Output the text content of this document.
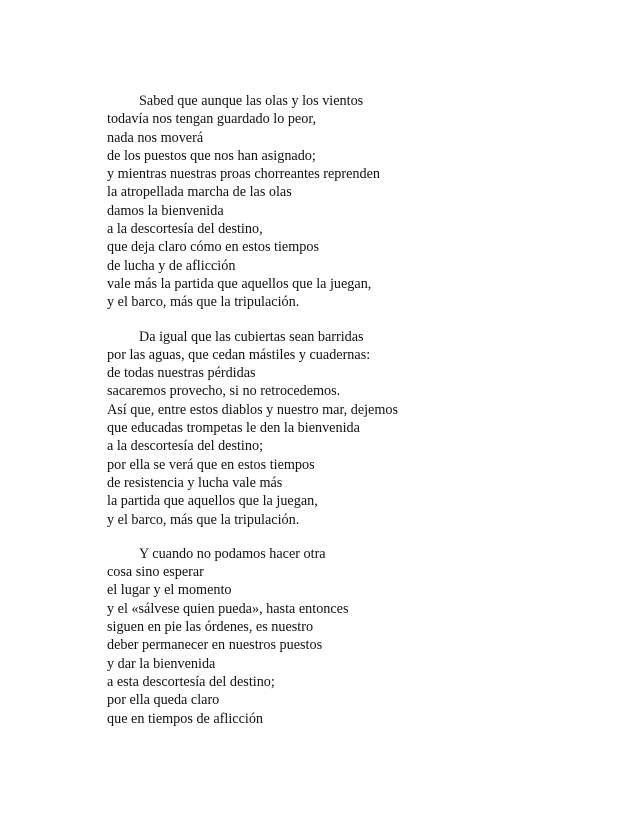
Sabed que aunque las olas y los vientos
todavía nos tengan guardado lo peor,
nada nos moverá
de los puestos que nos han asignado;
y mientras nuestras proas chorreantes reprenden
la atropellada marcha de las olas
damos la bienvenida
a la descortesía del destino,
que deja claro cómo en estos tiempos
de lucha y de aflicción
vale más la partida que aquellos que la juegan,
y el barco, más que la tripulación.
Da igual que las cubiertas sean barridas
por las aguas, que cedan mástiles y cuadernas:
de todas nuestras pérdidas
sacaremos provecho, si no retrocedemos.
Así que, entre estos diablos y nuestro mar, dejemos
que educadas trompetas le den la bienvenida
a la descortesía del destino;
por ella se verá que en estos tiempos
de resistencia y lucha vale más
la partida que aquellos que la juegan,
y el barco, más que la tripulación.
Y cuando no podamos hacer otra
cosa sino esperar
el lugar y el momento
y el «sálvese quien pueda», hasta entonces
siguen en pie las órdenes, es nuestro
deber permanecer en nuestros puestos
y dar la bienvenida
a esta descortesía del destino;
por ella queda claro
que en tiempos de aflicción
